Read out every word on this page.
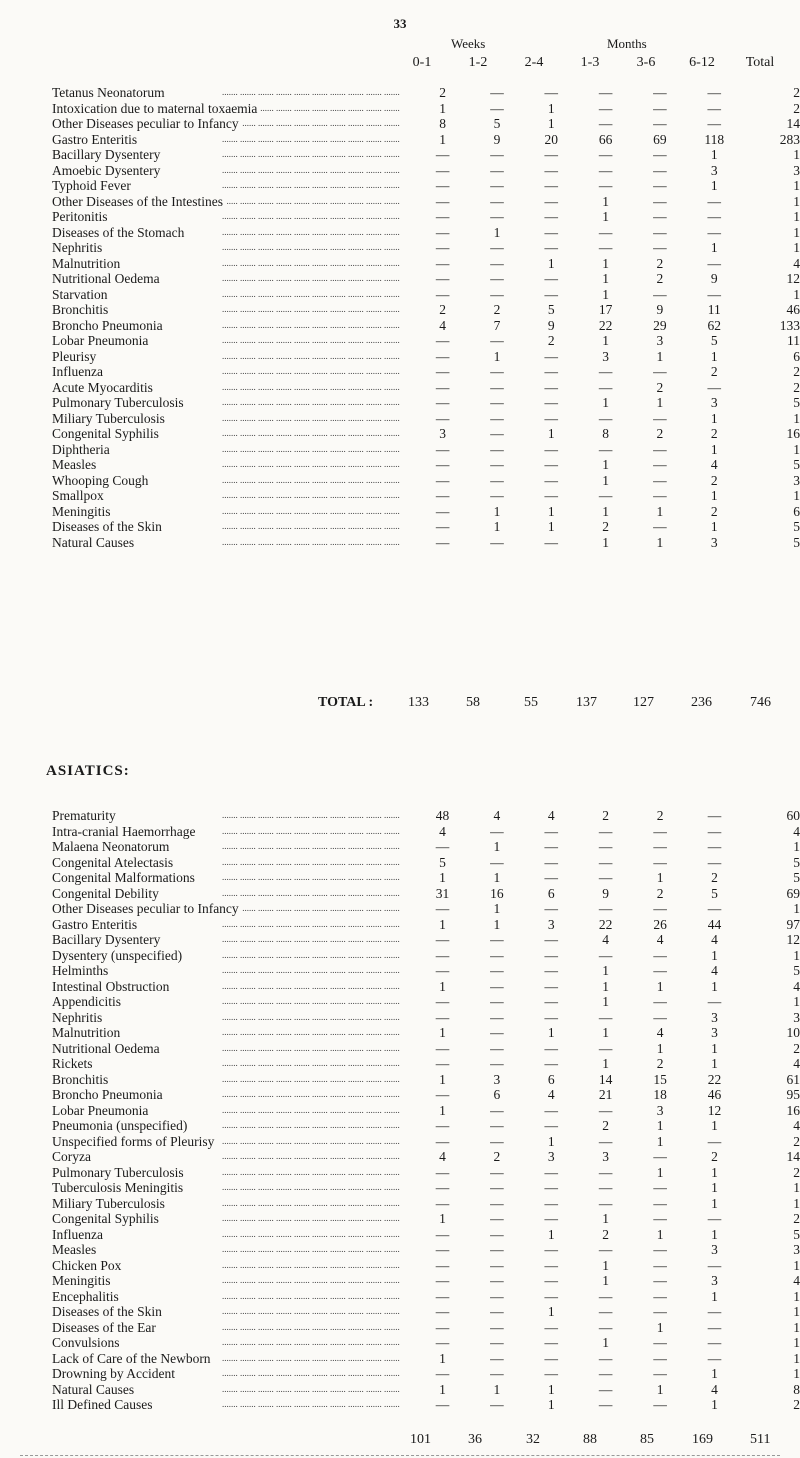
33
Weeks	Months
0-1	1-2	2-4	1-3	3-6	6-12	Total
Tetanus Neonatorum .....	2	—	—	—	—	—	2
Intoxication due to maternal toxaemia .....	1	—	1	—	—	—	2
Other Diseases peculiar to Infancy .....	8	5	1	—	—	—	14
Gastro Enteritis .....	1	9	20	66	69	118	283
Bacillary Dysentery .....	—	—	—	—	—	1	1
Amoebic Dysentery .....	—	—	—	—	—	3	3
Typhoid Fever .....	—	—	—	—	—	1	1
Other Diseases of the Intestines .....	—	—	—	1	—	—	1
Peritonitis .....	—	—	—	1	—	—	1
Diseases of the Stomach .....	—	1	—	—	—	—	1
Nephritis .....	—	—	—	—	—	1	1
Malnutrition .....	—	—	1	1	2	—	4
Nutritional Oedema .....	—	—	—	1	2	9	12
Starvation .....	—	—	—	1	—	—	1
Bronchitis .....	2	2	5	17	9	11	46
Broncho Pneumonia .....	4	7	9	22	29	62	133
Lobar Pneumonia .....	—	—	2	1	3	5	11
Pleurisy .....	—	1	—	3	1	1	6
Influenza .....	—	—	—	—	—	2	2
Acute Myocarditis .....	—	—	—	—	2	—	2
Pulmonary Tuberculosis .....	—	—	—	1	1	3	5
Miliary Tuberculosis .....	—	—	—	—	—	1	1
Congenital Syphilis .....	3	—	1	8	2	2	16
Diphtheria .....	—	—	—	—	—	1	1
Measles .....	—	—	—	1	—	4	5
Whooping Cough .....	—	—	—	1	—	2	3
Smallpox .....	—	—	—	—	—	1	1
Meningitis .....	—	1	1	1	1	2	6
Diseases of the Skin .....	—	1	1	2	—	1	5
Natural Causes .....	—	—	—	1	1	3	5
TOTAL : 133	58	55	137	127	236	746
ASIATICS:
Prematurity .....	48	4	4	2	2	—	60
Intra-cranial Haemorrhage .....	4	—	—	—	—	—	4
Malaena Neonatorum .....	—	1	—	—	—	—	1
Congenital Atelectasis .....	5	—	—	—	—	—	5
Congenital Malformations .....	1	1	—	—	1	2	5
Congenital Debility .....	31	16	6	9	2	5	69
Other Diseases peculiar to Infancy .....	—	1	—	—	—	—	1
Gastro Enteritis .....	1	1	3	22	26	44	97
Bacillary Dysentery .....	—	—	—	4	4	4	12
Dysentery (unspecified) .....	—	—	—	—	—	1	1
Helminths .....	—	—	—	1	—	4	5
Intestinal Obstruction .....	1	—	—	1	1	1	4
Appendicitis .....	—	—	—	1	—	—	1
Nephritis .....	—	—	—	—	—	3	3
Malnutrition .....	1	—	1	1	4	3	10
Nutritional Oedema .....	—	—	—	—	1	1	2
Rickets .....	—	—	—	1	2	1	4
Bronchitis .....	1	3	6	14	15	22	61
Broncho Pneumonia .....	—	6	4	21	18	46	95
Lobar Pneumonia .....	1	—	—	—	3	12	16
Pneumonia (unspecified) .....	—	—	—	2	1	1	4
Unspecified forms of Pleurisy .....	—	—	1	—	1	—	2
Coryza .....	4	2	3	3	—	2	14
Pulmonary Tuberculosis .....	—	—	—	—	1	1	2
Tuberculosis Meningitis .....	—	—	—	—	—	1	1
Miliary Tuberculosis .....	—	—	—	—	—	1	1
Congenital Syphilis .....	1	—	—	1	—	—	2
Influenza .....	—	—	1	2	1	1	5
Measles .....	—	—	—	—	—	3	3
Chicken Pox .....	—	—	—	1	—	—	1
Meningitis .....	—	—	—	1	—	3	4
Encephalitis .....	—	—	—	—	—	1	1
Diseases of the Skin .....	—	—	1	—	—	—	1
Diseases of the Ear .....	—	—	—	—	1	—	1
Convulsions .....	—	—	—	1	—	—	1
Lack of Care of the Newborn .....	1	—	—	—	—	—	1
Drowning by Accident .....	—	—	—	—	—	1	1
Natural Causes .....	1	1	1	—	1	4	8
Ill Defined Causes .....	—	—	1	—	—	1	2
101	36	32	88	85	169	511
